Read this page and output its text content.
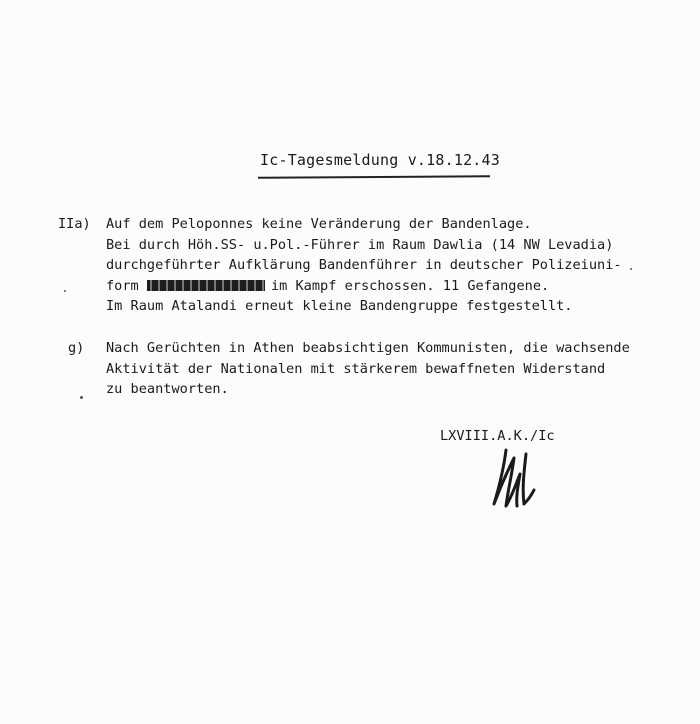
Ic-Tagesmeldung v.18.12.43
IIa) Auf dem Peloponnes keine Veränderung der Bandenlage.
Bei durch Höh.SS- u.Pol.-Führer im Raum Dawlia (14 NW Levadia)
durchgeführter Aufklärung Bandenführer in deutscher Polizeiuni-
form	im Kampf erschossen. 11 Gefangene.
Im Raum Atalandi erneut kleine Bandengruppe festgestellt.
g) Nach Gerüchten in Athen beabsichtigen Kommunisten, die wachsende
Aktivität der Nationalen mit stärkerem bewaffneten Widerstand
zu beantworten.
LXVIII.A.K./Ic
